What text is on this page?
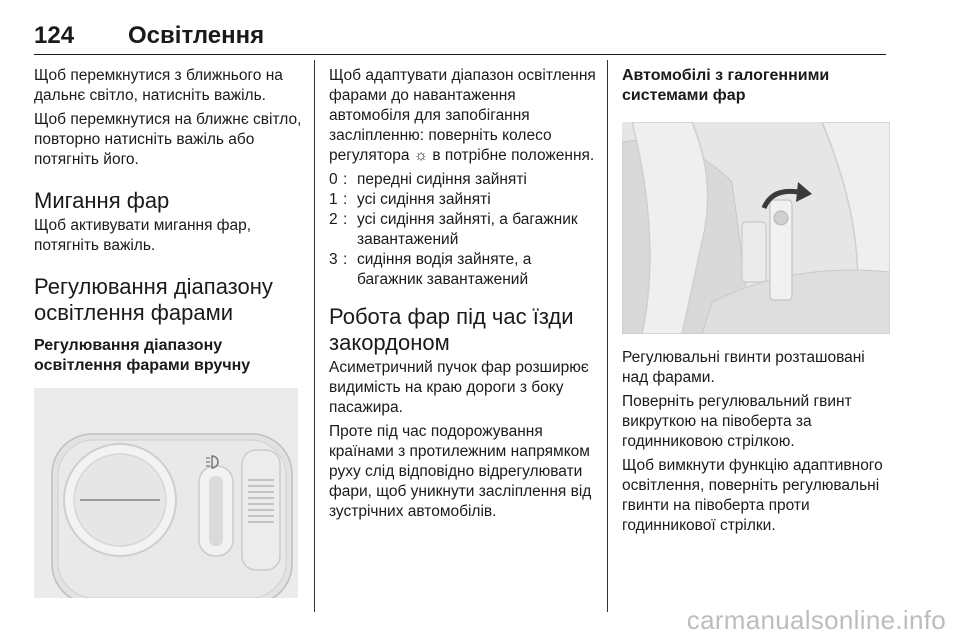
124 Освітлення

Щоб перемкнутися з ближнього на дальнє світло, натисніть важіль.

Щоб перемкнутися на ближнє світло, повторно натисніть важіль або потягніть його.

Мигання фар

Щоб активувати мигання фар, потягніть важіль.

Регулювання діапазону освітлення фарами
Регулювання діапазону освітлення фарами вручну

Щоб адаптувати діапазон освітлення фарами до навантаження автомобіля для запобігання засліпленню: поверніть колесо регулятора ☼ в потрібне положення.

0 : передні сидіння зайняті
1 : усі сидіння зайняті
2 : усі сидіння зайняті, а багажник завантажений
3 : сидіння водія зайняте, а багажник завантажений
Робота фар під час їзди закордоном

Асиметричний пучок фар розширює видимість на краю дороги з боку пасажира.

Проте під час подорожування країнами з протилежним напрямком руху слід відповідно відрегулювати фари, щоб уникнути засліплення від зустрічних автомобілів.

Автомобілі з галогенними системами фар

Регулювальні гвинти розташовані над фарами.

Поверніть регулювальний гвинт викруткою на півоберта за годинниковою стрілкою.

Щоб вимкнути функцію адаптивного освітлення, поверніть регулювальні гвинти на півоберта проти годинникової стрілки.

carmanualsonline.info
